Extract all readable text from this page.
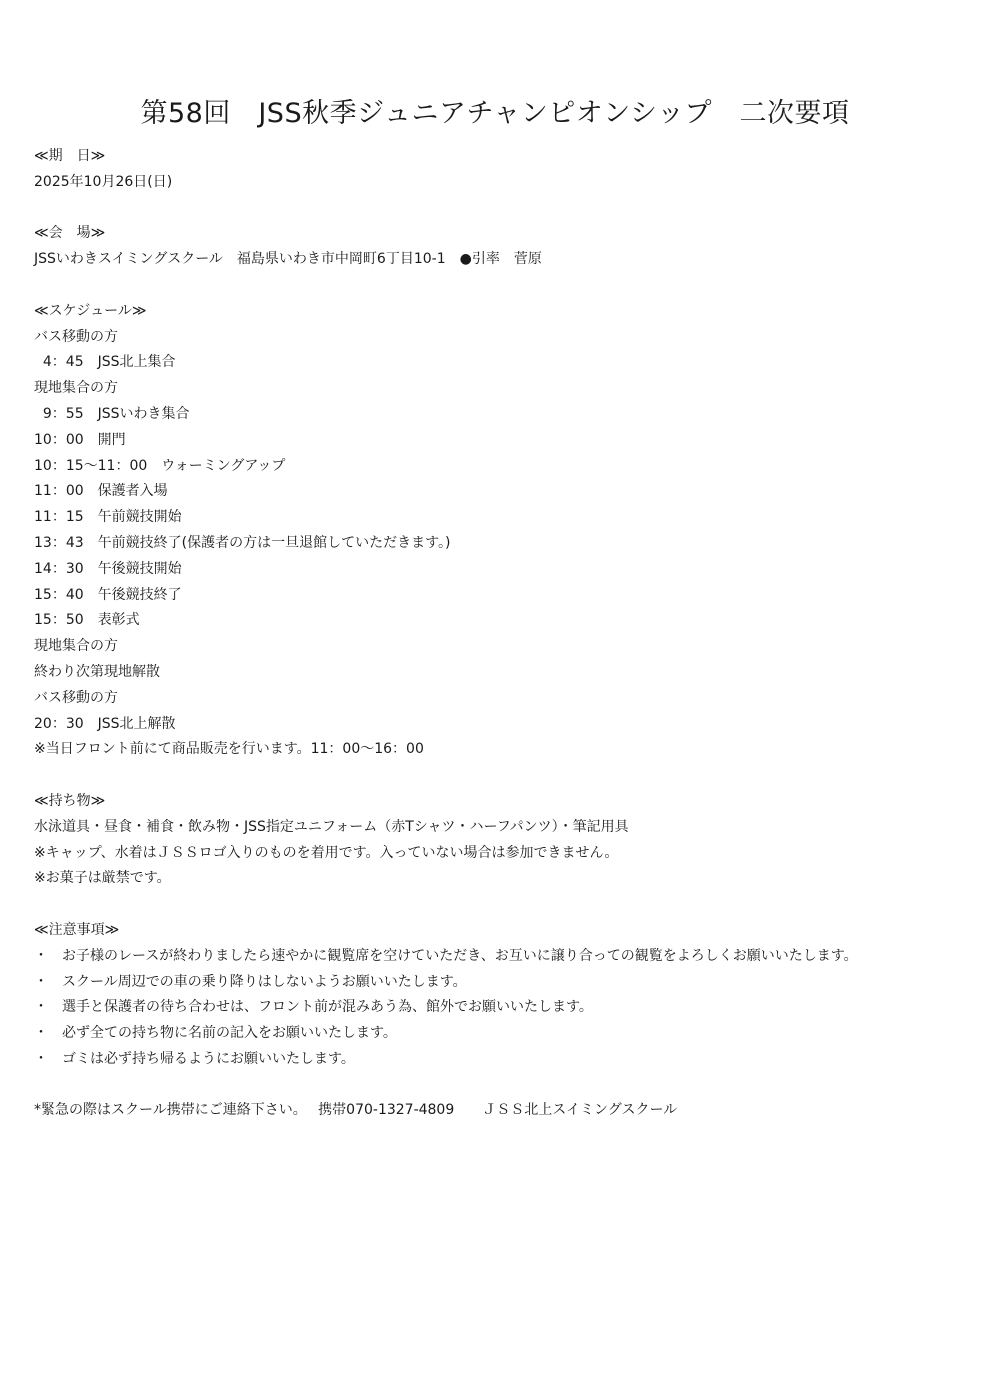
第58回　JSS秋季ジュニアチャンピオンシップ　二次要項
≪期　日≫
2025年10月26日(日)
≪会　場≫
JSSいわきスイミングスクール　福島県いわき市中岡町6丁目10-1　●引率　菅原
≪スケジュール≫
バス移動の方
4：45　JSS北上集合
現地集合の方
9：55　JSSいわき集合
10：00　開門
10：15～11：00　ウォーミングアップ
11：00　保護者入場
11：15　午前競技開始
13：43　午前競技終了(保護者の方は一旦退館していただきます。)
14：30　午後競技開始
15：40　午後競技終了
15：50　表彰式
現地集合の方
終わり次第現地解散
バス移動の方
20：30　JSS北上解散
※当日フロント前にて商品販売を行います。11：00～16：00
≪持ち物≫
水泳道具・昼食・補食・飲み物・JSS指定ユニフォーム（赤Tシャツ・ハーフパンツ）・筆記用具
※キャップ、水着はＪＳＳロゴ入りのものを着用です。入っていない場合は参加できません。
※お菓子は厳禁です。
≪注意事項≫
・	お子様のレースが終わりましたら速やかに観覧席を空けていただき、お互いに譲り合っての観覧をよろしくお願いいたします。
・	スクール周辺での車の乗り降りはしないようお願いいたします。
・	選手と保護者の待ち合わせは、フロント前が混みあう為、館外でお願いいたします。
・	必ず全ての持ち物に名前の記入をお願いいたします。
・	ゴミは必ず持ち帰るようにお願いいたします。
*緊急の際はスクール携帯にご連絡下さい。　 携帯070-1327-4809　　ＪＳＳ北上スイミングスクール
